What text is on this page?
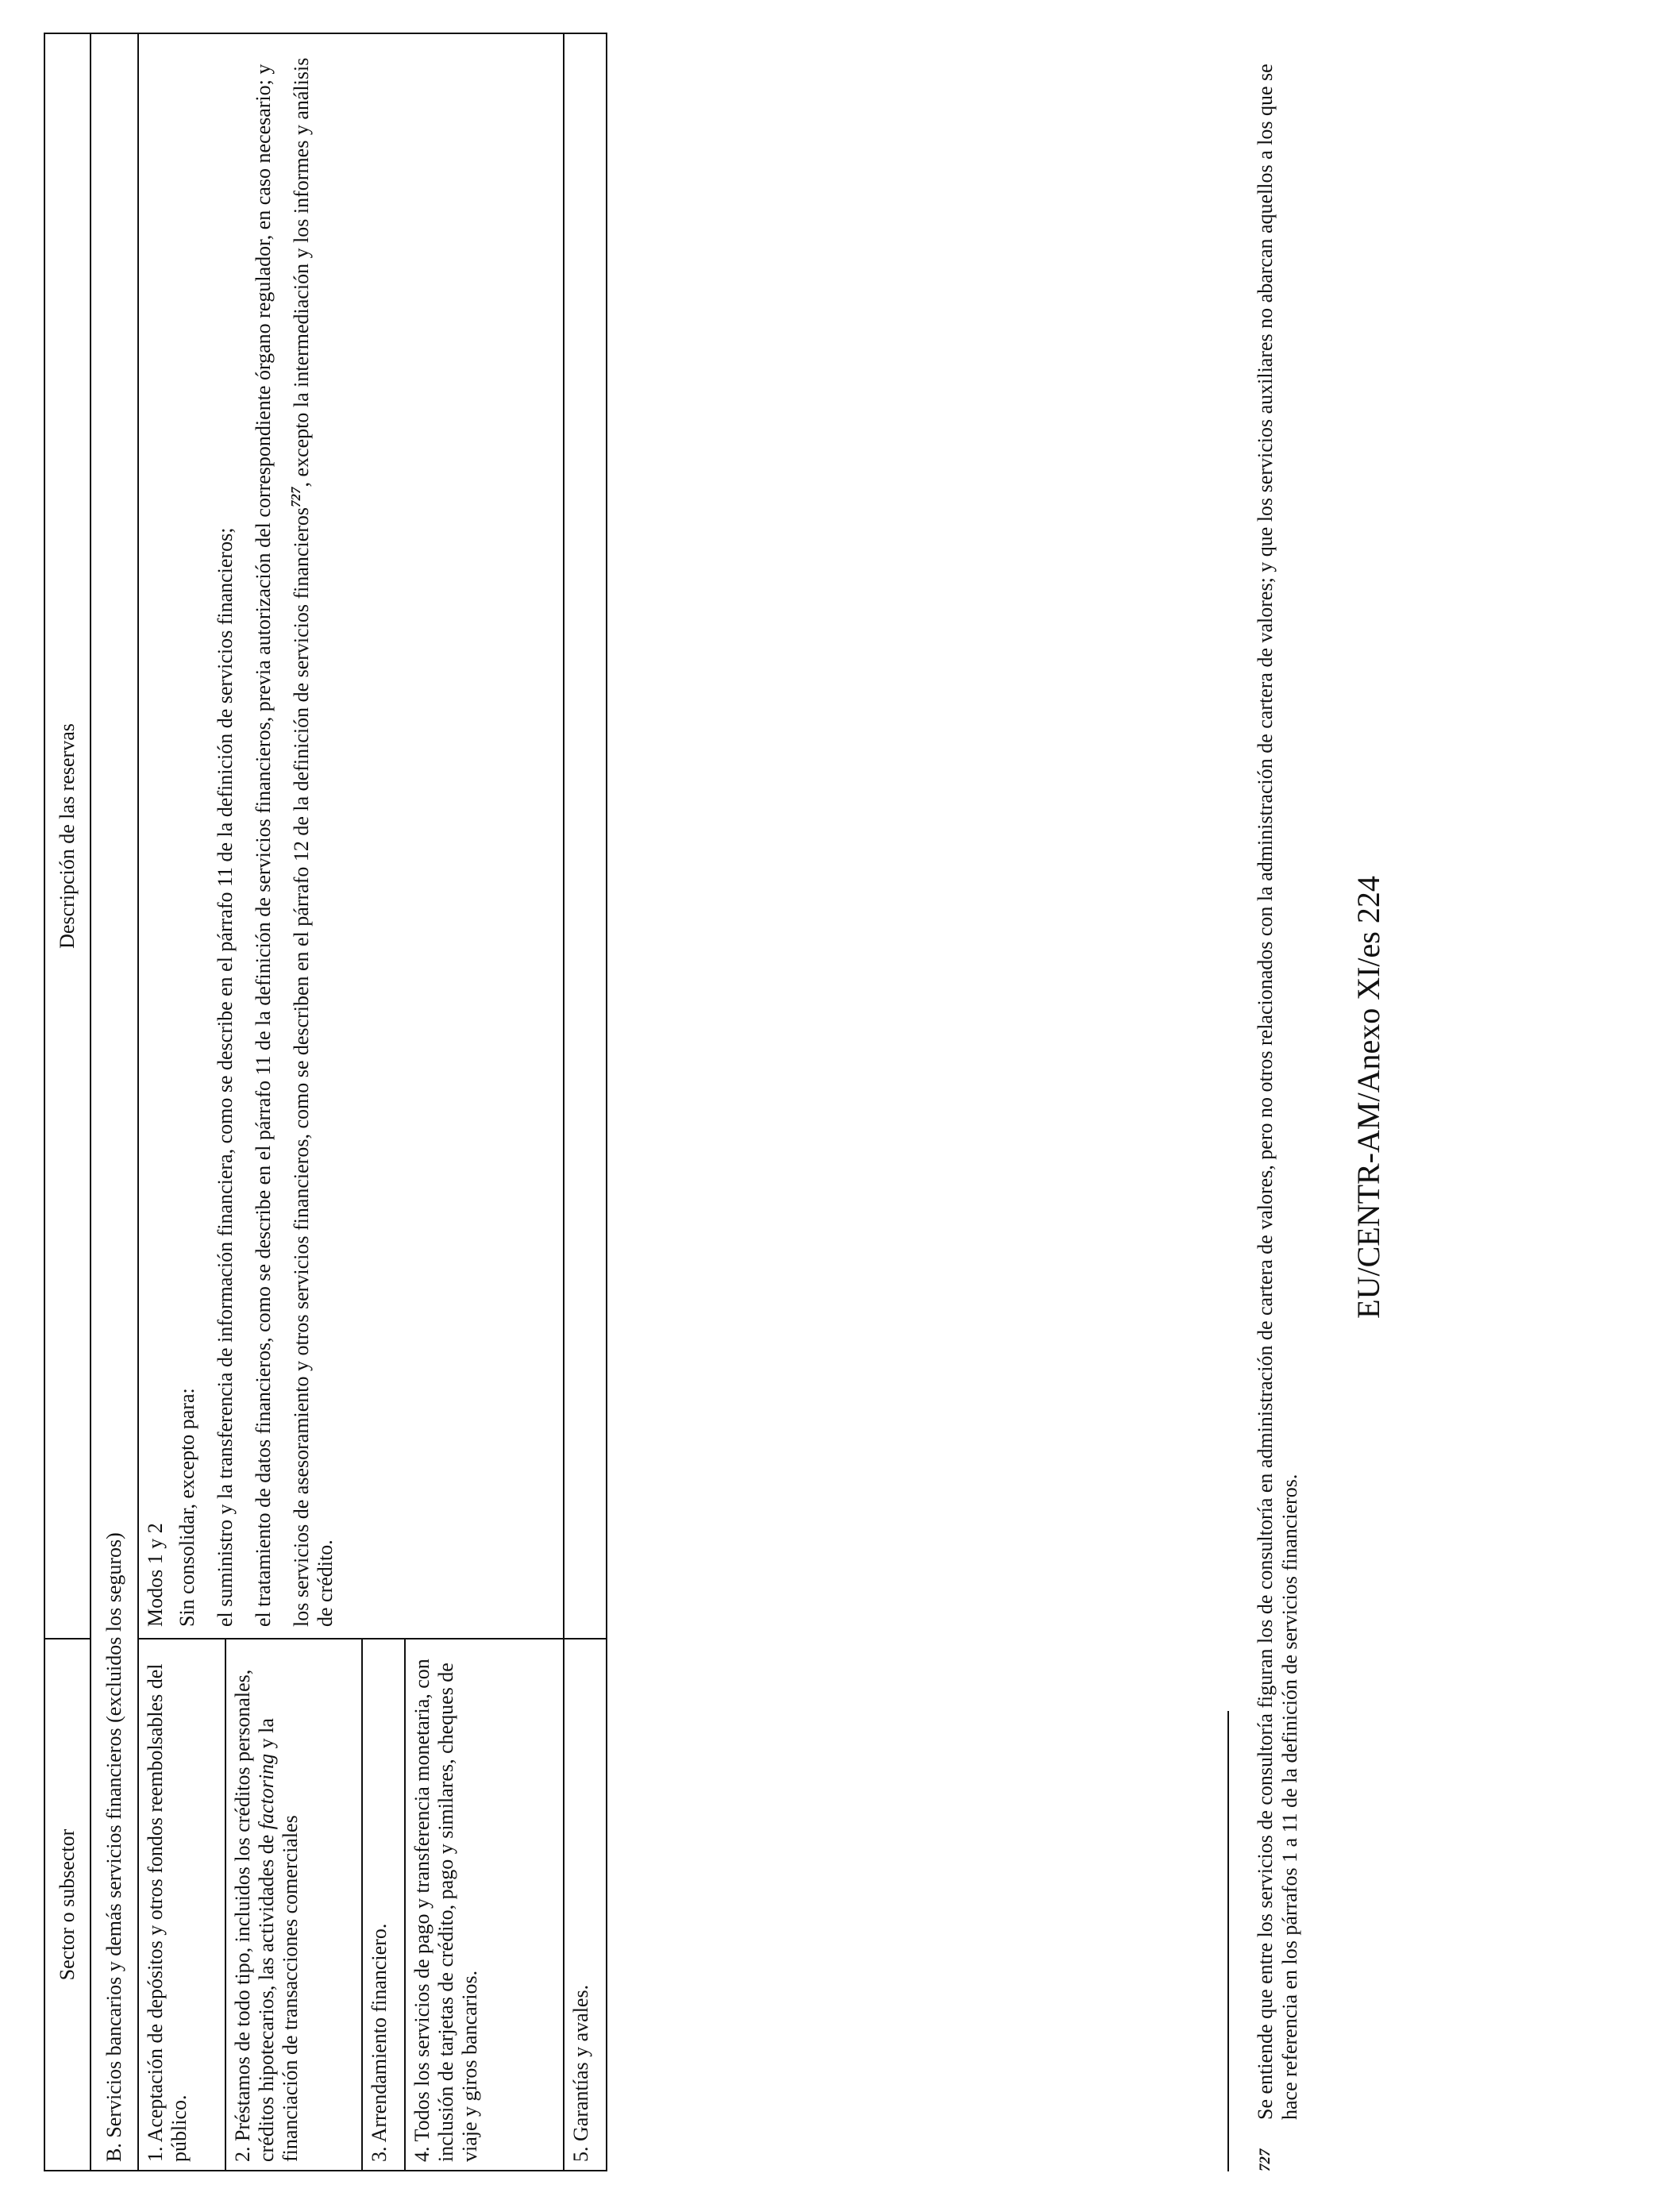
Sector o subsector	Descripción de las reservas
B. Servicios bancarios y demás servicios financieros (excluidos los seguros)	
1. Aceptación de depósitos y otros fondos reembolsables del público.	Modos 1 y 2 Sin consolidar, excepto para: el suministro y la transferencia de información financiera, como se describe en el párrafo 11 de la definición de servicios financieros; el tratamiento de datos financieros, como se describe en el párrafo 11 de la definición de servicios financieros, previa autorización del correspondiente órgano regulador, en caso necesario; y los servicios de asesoramiento y otros servicios financieros, como se describen en el párrafo 12 de la definición de servicios financieros$^{727}$, excepto la intermediación y los informes y análisis de crédito.

2. Préstamos de todo tipo, incluidos los créditos personales, créditos hipotecarios, las actividades de factoring y la financiación de transacciones comerciales	
3. Arrendamiento financiero.	
4. Todos los servicios de pago y transferencia monetaria, con inclusión de tarjetas de crédito, pago y similares, cheques de viaje y giros bancarios.	
5. Garantías y avales.	
EU/CENTR-AM/Anexo XI/es 224
727
Se entiende que entre los servicios de consultoría figuran los de consultoría en administración de cartera de valores, pero no otros relacionados con la administración de cartera de valores; y que los servicios auxiliares no abarcan aquellos a los que se hace referencia en los párrafos 1 a 11 de la definición de servicios financieros.
